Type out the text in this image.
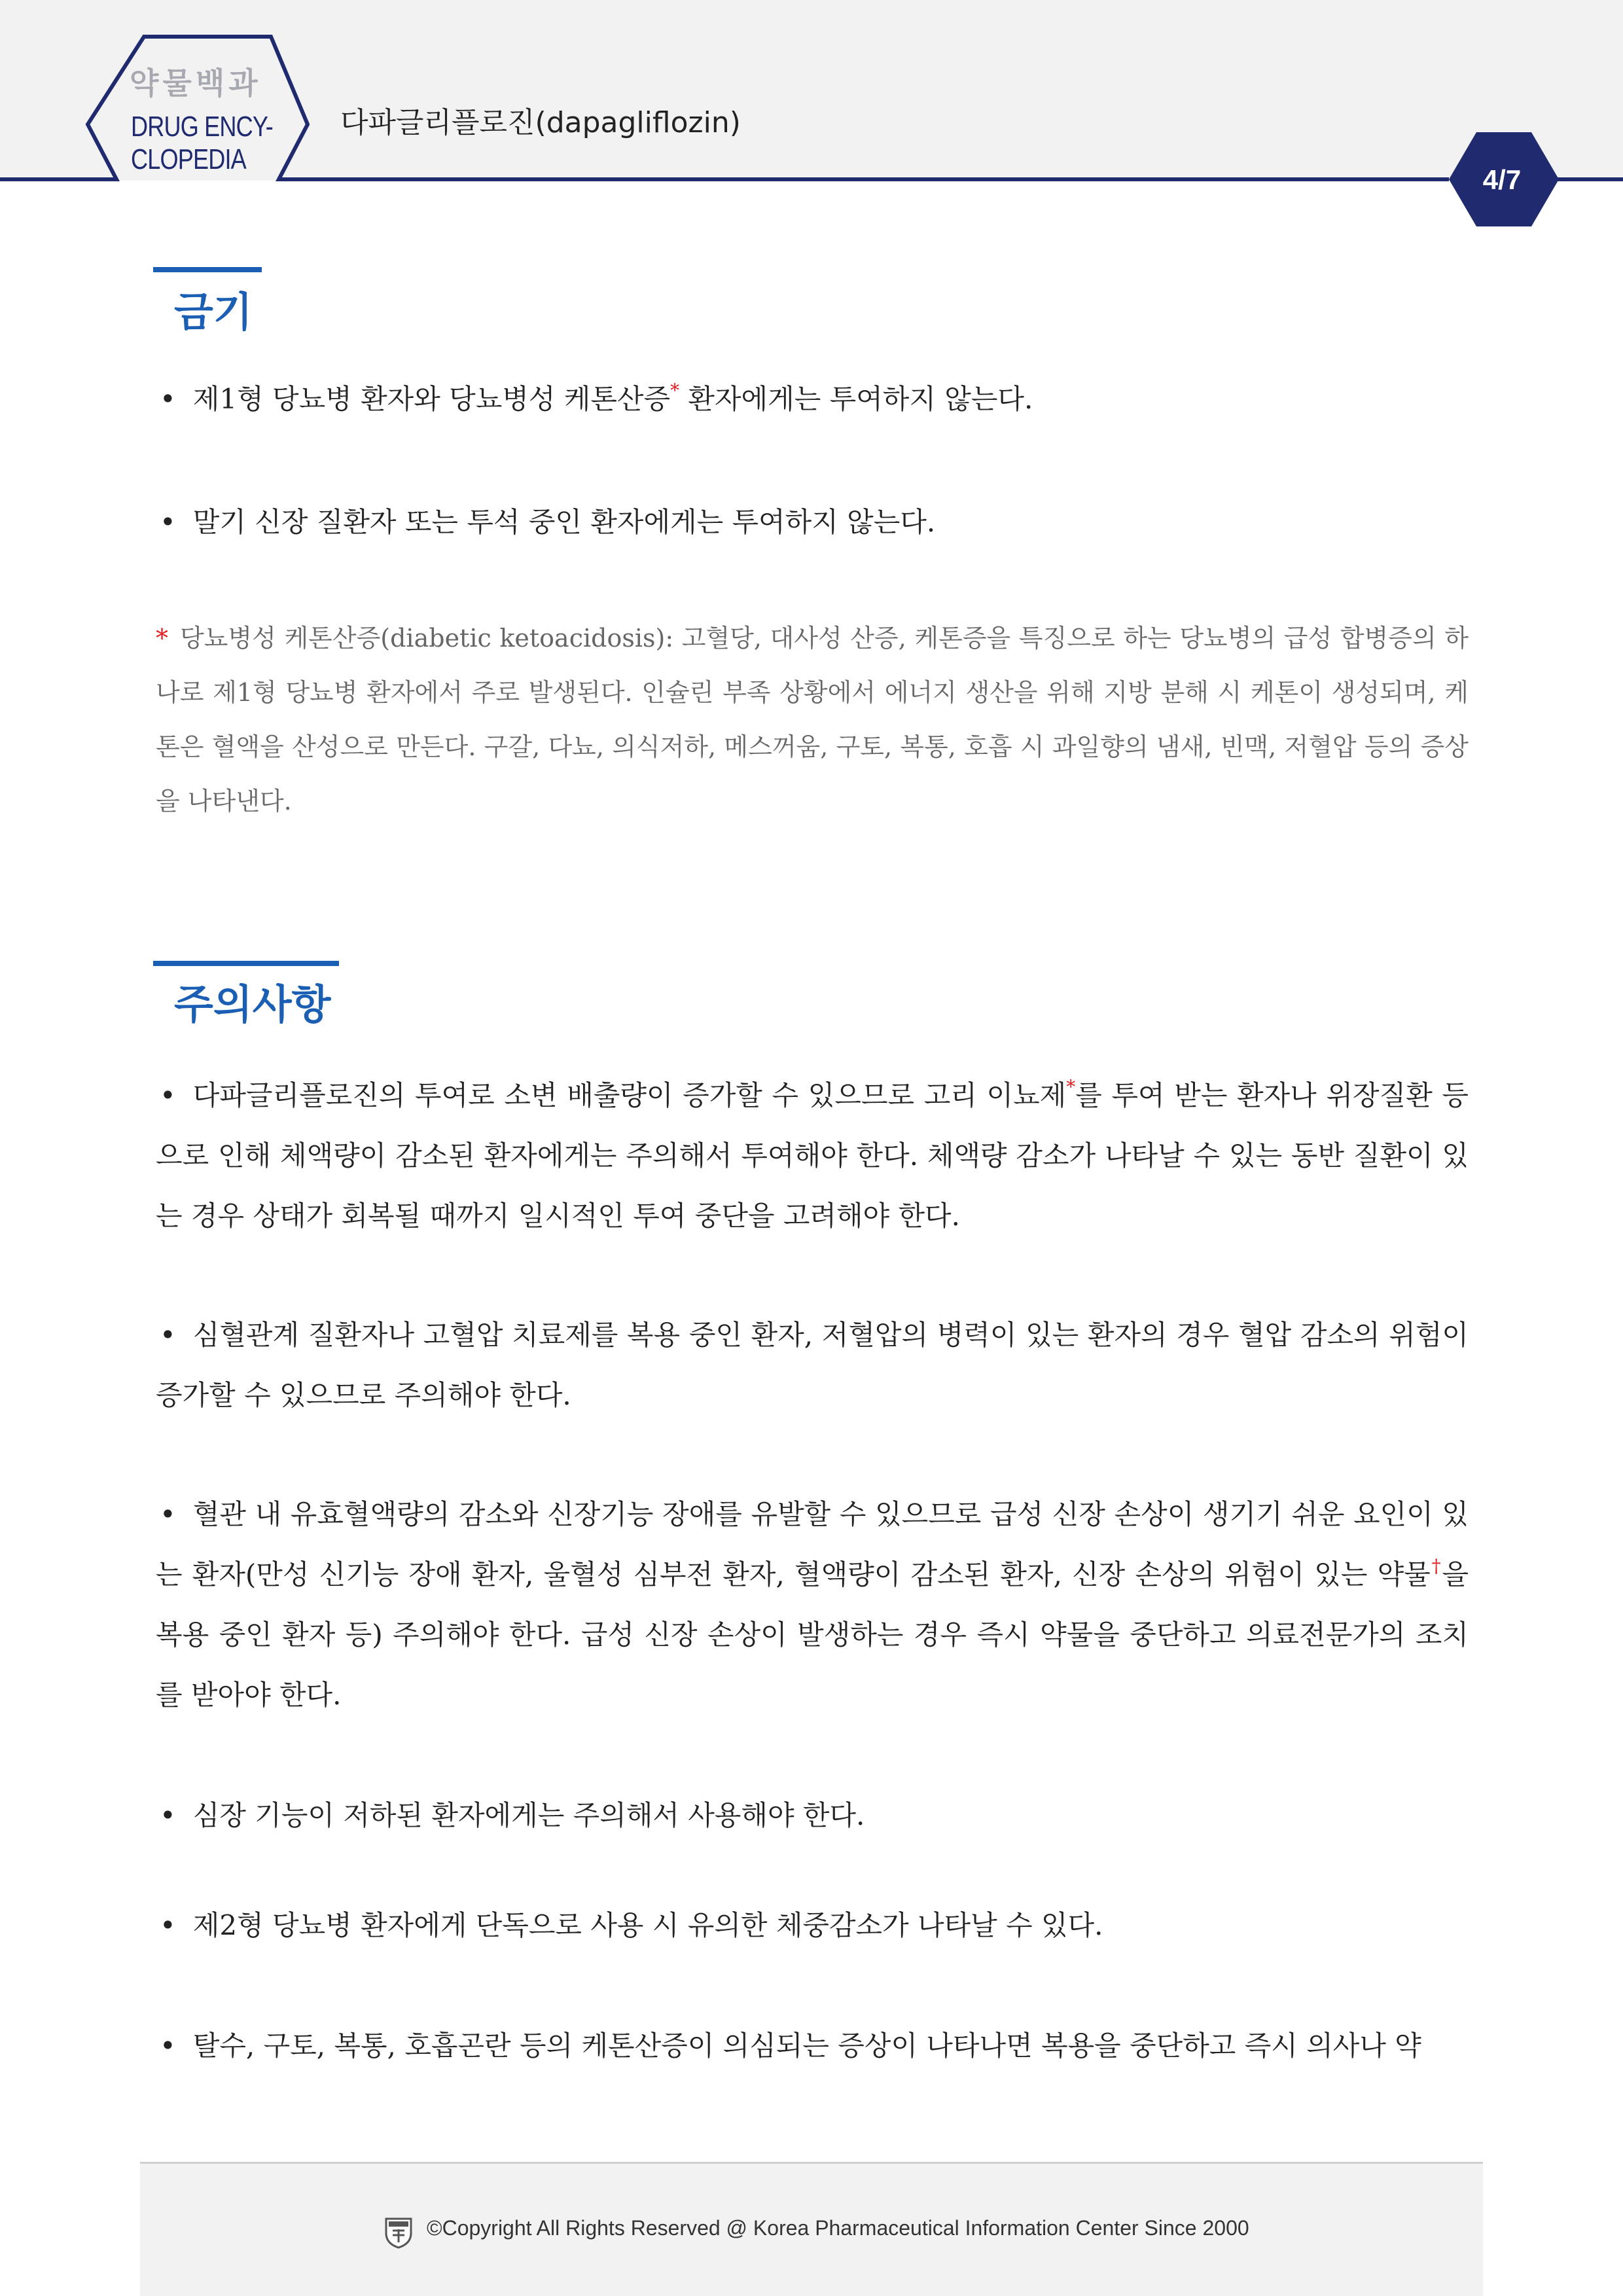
약물백과
DRUG ENCY-
CLOPEDIA
다파글리플로진(dapagliflozin)
4/7
금기

• 제1형 당뇨병 환자와 당뇨병성 케톤산증* 환자에게는 투여하지 않는다.

• 말기 신장 질환자 또는 투석 중인 환자에게는 투여하지 않는다.

* 당뇨병성 케톤산증(diabetic ketoacidosis): 고혈당, 대사성 산증, 케톤증을 특징으로 하는 당뇨병의 급성 합병증의 하나로 제1형 당뇨병 환자에서 주로 발생된다. 인슐린 부족 상황에서 에너지 생산을 위해 지방 분해 시 케톤이 생성되며, 케톤은 혈액을 산성으로 만든다. 구갈, 다뇨, 의식저하, 메스꺼움, 구토, 복통, 호흡 시 과일향의 냄새, 빈맥, 저혈압 등의 증상을 나타낸다.

주의사항

• 다파글리플로진의 투여로 소변 배출량이 증가할 수 있으므로 고리 이뇨제*를 투여 받는 환자나 위장질환 등으로 인해 체액량이 감소된 환자에게는 주의해서 투여해야 한다. 체액량 감소가 나타날 수 있는 동반 질환이 있는 경우 상태가 회복될 때까지 일시적인 투여 중단을 고려해야 한다.

• 심혈관계 질환자나 고혈압 치료제를 복용 중인 환자, 저혈압의 병력이 있는 환자의 경우 혈압 감소의 위험이 증가할 수 있으므로 주의해야 한다.

• 혈관 내 유효혈액량의 감소와 신장기능 장애를 유발할 수 있으므로 급성 신장 손상이 생기기 쉬운 요인이 있는 환자(만성 신기능 장애 환자, 울혈성 심부전 환자, 혈액량이 감소된 환자, 신장 손상의 위험이 있는 약물†을 복용 중인 환자 등) 주의해야 한다. 급성 신장 손상이 발생하는 경우 즉시 약물을 중단하고 의료전문가의 조치를 받아야 한다.

• 심장 기능이 저하된 환자에게는 주의해서 사용해야 한다.

• 제2형 당뇨병 환자에게 단독으로 사용 시 유의한 체중감소가 나타날 수 있다.

• 탈수, 구토, 복통, 호흡곤란 등의 케톤산증이 의심되는 증상이 나타나면 복용을 중단하고 즉시 의사나 약

©Copyright All Rights Reserved @ Korea Pharmaceutical Information Center Since 2000
